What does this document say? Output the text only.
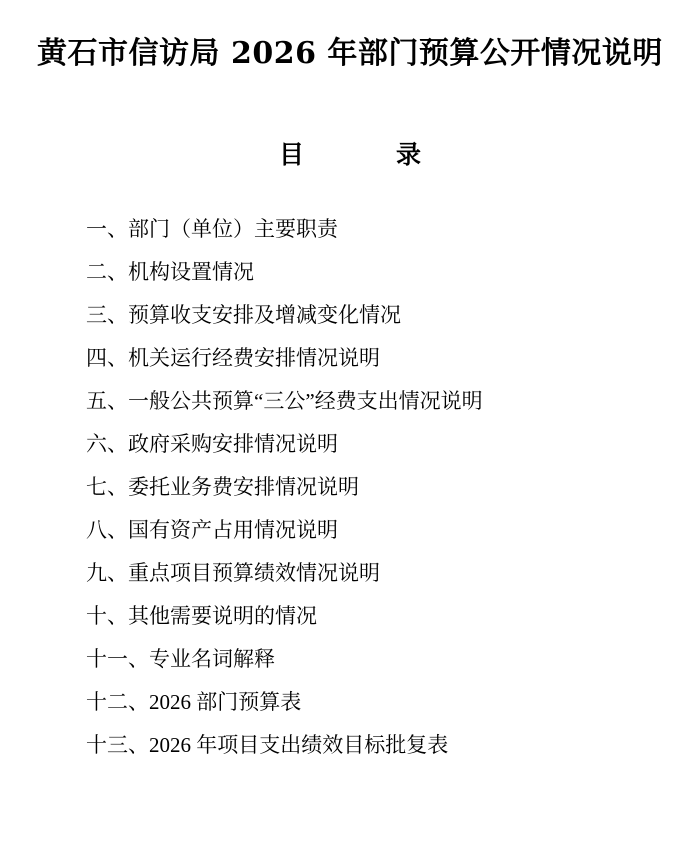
黄石市信访局 2026 年部门预算公开情况说明
目　　录
一、部门（单位）主要职责
二、机构设置情况
三、预算收支安排及增减变化情况
四、机关运行经费安排情况说明
五、一般公共预算“三公”经费支出情况说明
六、政府采购安排情况说明
七、委托业务费安排情况说明
八、国有资产占用情况说明
九、重点项目预算绩效情况说明
十、其他需要说明的情况
十一、专业名词解释
十二、2026 部门预算表
十三、2026 年项目支出绩效目标批复表
